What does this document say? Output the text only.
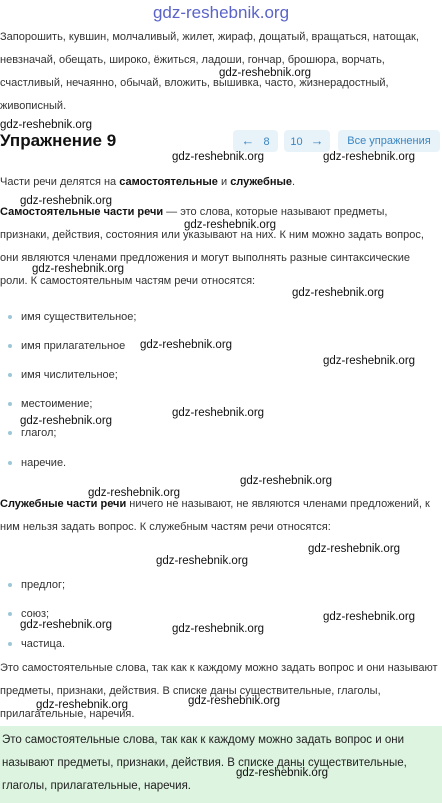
gdz-reshebnik.org
Запорошить, кувшин, молчаливый, жилет, жираф, дощатый, вращаться, натощак, невзначай, обещать, широко, ёжиться, ладоши, гончар, брошюра, ворчать, счастливый, нечаянно, обычай, вложить, вышивка, часто, жизнерадостный, живописный.
Упражнение 9	← 8	10 →	Все упражнения
Части речи делятся на самостоятельные и служебные.
Самостоятельные части речи — это слова, которые называют предметы, признаки, действия, состояния или указывают на них. К ним можно задать вопрос, они являются членами предложения и могут выполнять разные синтаксические роли. К самостоятельным частям речи относятся:
имя существительное;
имя прилагательное
имя числительное;
местоимение;
глагол;
наречие.
Служебные части речи ничего не называют, не являются членами предложений, к ним нельзя задать вопрос. К служебным частям речи относятся:
предлог;
союз;
частица.
Это самостоятельные слова, так как к каждому можно задать вопрос и они называют предметы, признаки, действия. В списке даны существительные, глаголы, прилагательные, наречия.
Это самостоятельные слова, так как к каждому можно задать вопрос и они называют предметы, признаки, действия. В списке даны существительные, глаголы, прилагательные, наречия.
gdz-reshebnik.org
gdz-reshebnik.org
gdz-reshebnik.org	gdz-reshebnik.org
gdz-reshebnik.org
gdz-reshebnik.org
gdz-reshebnik.org
gdz-reshebnik.org
gdz-reshebnik.org
gdz-reshebnik.org
gdz-reshebnik.org
gdz-reshebnik.org
gdz-reshebnik.org
gdz-reshebnik.org
gdz-reshebnik.org
gdz-reshebnik.org
gdz-reshebnik.org	gdz-reshebnik.org
gdz-reshebnik.org
gdz-reshebnik.org	gdz-reshebnik.org
gdz-reshebnik.org
